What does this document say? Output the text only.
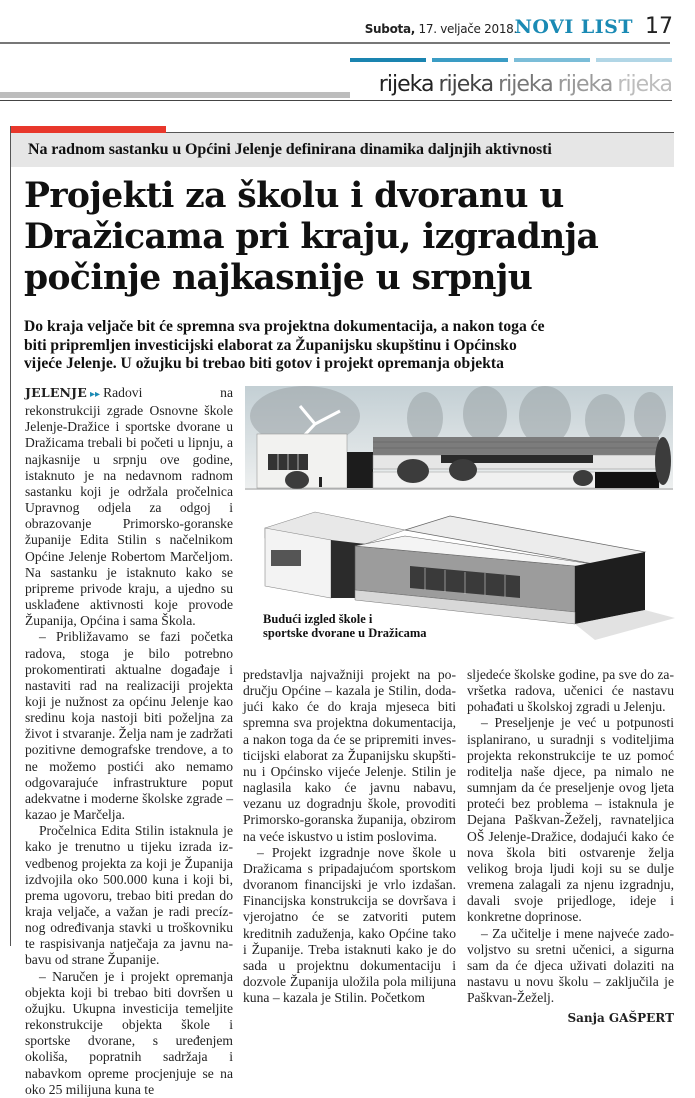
Subota, 17. veljače 2018.
NOVI LIST 17
rijeka rijeka rijeka rijeka rijeka
Na radnom sastanku u Općini Jelenje definirana dinamika daljnjih aktivnosti
Projekti za školu i dvoranu u
Dražicama pri kraju, izgradnja
počinje najkasnije u srpnju
Do kraja veljače bit će spremna sva projektna dokumentacija, a nakon toga će
biti pripremljen investicijski elaborat za Županijsku skupštinu i Općinsko
vijeće Jelenje. U ožujku bi trebao biti gotov i projekt opremanja objekta

JELENJE ▸▸ Radovi na rekonstrukciji zgrade Osnovne škole Jelenje-Dražice i sportske dvorane u Dražicama trebali bi početi u lipnju, a najkasnije u srpnju ove godine, istaknuto je na nedavnom radnom sastanku koji je održala pročelnica Upravnog odjela za odgoj i obrazovanje Primorsko-goranske županije Edita Stilin s načelnikom Općine Jelenje Robertom Marčeljom. Na sastanku je istaknuto kako se pripreme privode kraju, a ujedno su usklađene aktivnosti koje provode Županija, Općina i sama Škola.

– Približavamo se fazi početka radova, stoga je bilo potrebno prokomentirati aktualne događaje i nastaviti rad na realizaciji projekta koji je nužnost za općinu Jelenje kao sredinu koja nastoji biti poželjna za život i stvaranje. Želja nam je zadržati pozitivne demografske trendove, a to ne možemo postići ako nemamo odgovarajuće infrastrukture poput adekvatne i moderne školske zgrade – kazao je Marčelja.

Pročelnica Edita Stilin istaknula je kako je trenutno u tijeku izrada izvedbenog projekta za koji je Županija izdvojila oko 500.000 kuna i koji bi, prema ugovoru, trebao biti predan do kraja veljače, a važan je radi precíznog određivanja stavki u troškovniku te raspisivanja natječaja za javnu nabavu od strane Županije.

– Naručen je i projekt opremanja objekta koji bi trebao biti dovršen u ožujku. Ukupna investicija temeljite rekonstrukcije objekta škole i sportske dvorane, s uređenjem okoliša, popratnih sadržaja i nabavkom opreme procjenjuje se na oko 25 milijuna kuna te

Budući izgled škole i
sportske dvorane u Dražicama

predstavlja najvažniji projekt na području Općine – kazala je Stilin, dodajući kako će do kraja mjeseca biti spremna sva projektna dokumentacija, a nakon toga da će se pripremiti investicijski elaborat za Županijsku skupštinu i Općinsko vijeće Jelenje. Stilin je naglasila kako će javnu nabavu, vezanu uz dogradnju škole, provoditi Primorsko-goranska županija, obzirom na veće iskustvo u istim poslovima.

– Projekt izgradnje nove škole u Dražicama s pripadajućom sportskom dvoranom financijski je vrlo izdašan. Financijska konstrukcija se dovršava i vjerojatno će se zatvoriti putem kreditnih zaduženja, kako Općine tako i Županije. Treba istaknuti kako je do sada u projektnu dokumentaciju i dozvole Županija uložila pola milijuna kuna – kazala je Stilin. Početkom

sljedeće školske godine, pa sve do završetka radova, učenici će nastavu pohađati u školskoj zgradi u Jelenju.

– Preseljenje je već u potpunosti isplanirano, u suradnji s voditeljima projekta rekonstrukcije te uz pomoć roditelja naše djece, pa nimalo ne sumnjam da će preseljenje ovog ljeta proteći bez problema – istaknula je Dejana Paškvan-Žeželj, ravnateljica OŠ Jelenje-Dražice, dodajući kako će nova škola biti ostvarenje želja velikog broja ljudi koji su se dulje vremena zalagali za njenu izgradnju, davali svoje prijedloge, ideje i konkretne doprinose.

– Za učitelje i mene najveće zadovoljstvo su sretni učenici, a sigurna sam da će djeca uživati dolaziti na nastavu u novu školu – zaključila je Paškvan-Žeželj.

Sanja GAŠPERT
